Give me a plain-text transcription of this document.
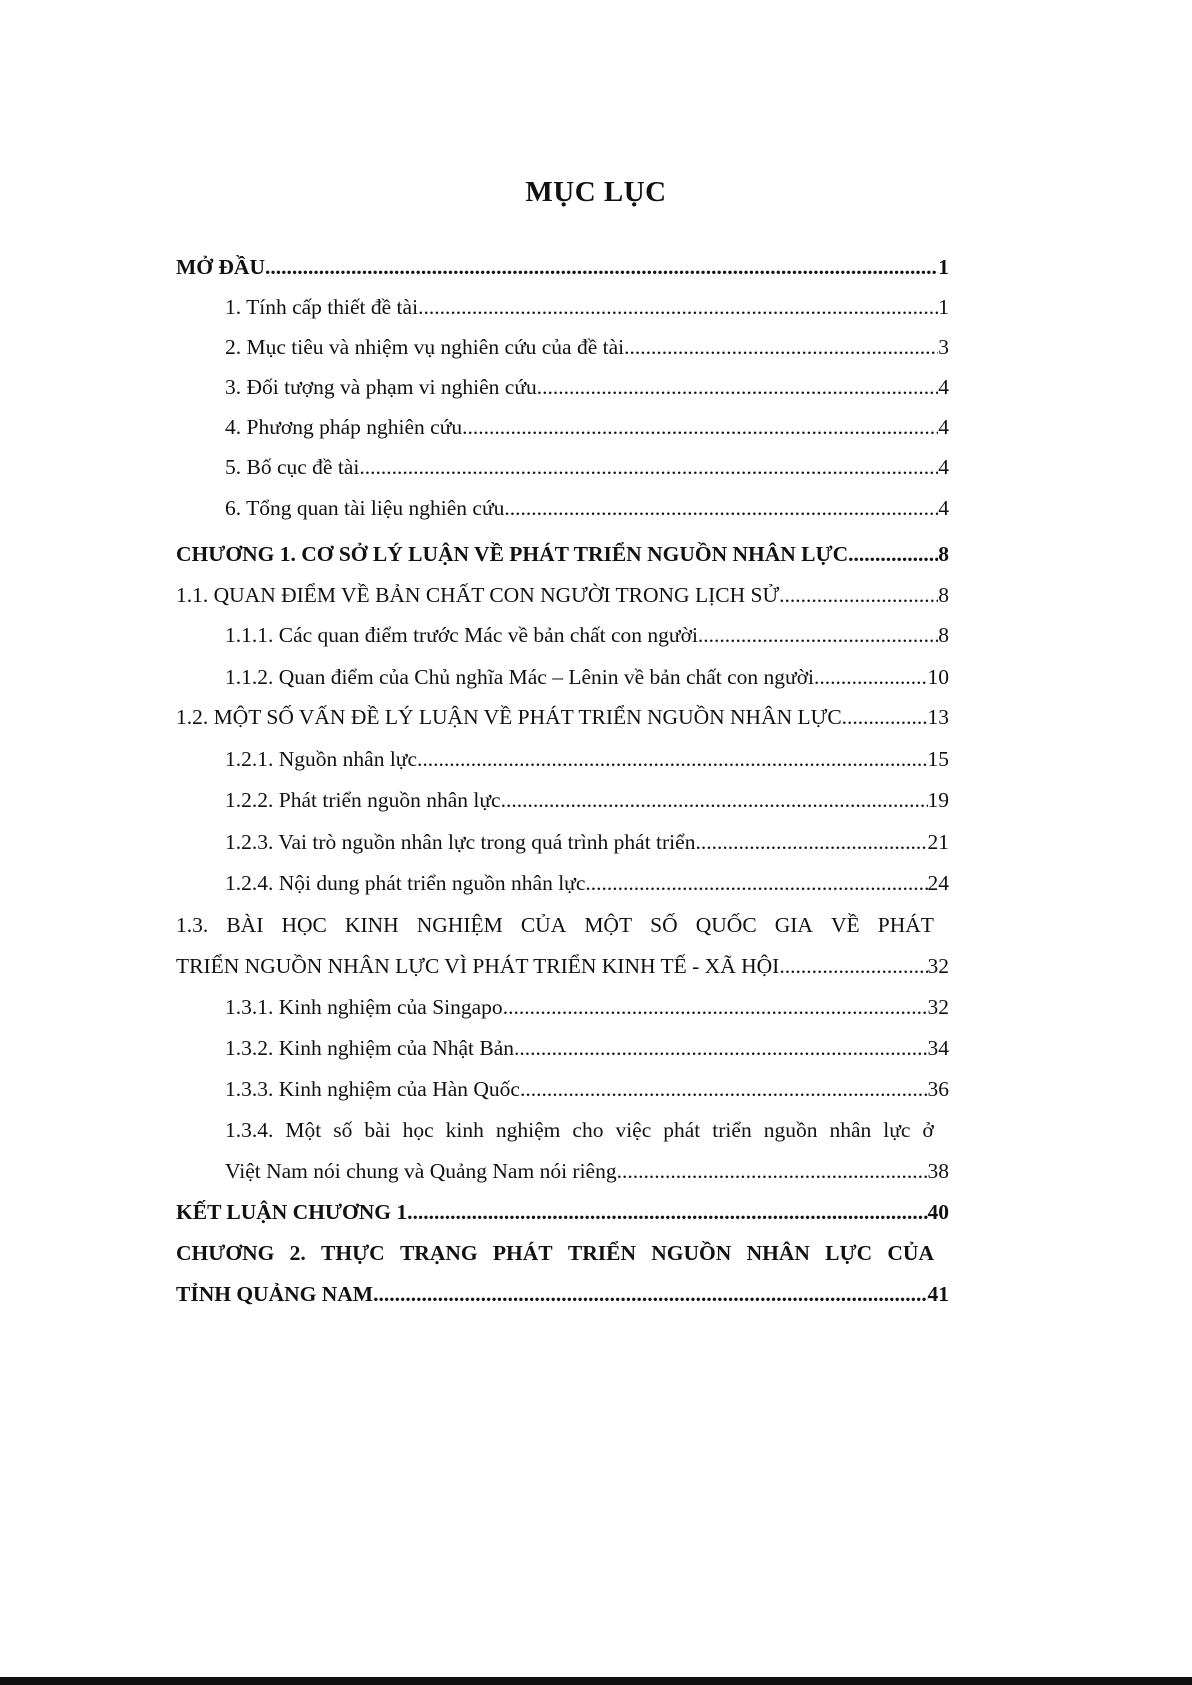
MỤC LỤC
MỞ ĐẦU .....	1
1. Tính cấp thiết đề tài .....	1
2. Mục tiêu và nhiệm vụ nghiên cứu của đề tài .....	3
3. Đối tượng và phạm vi nghiên cứu .....	4
4. Phương pháp nghiên cứu .....	4
5. Bố cục đề tài .....	4
6. Tổng quan tài liệu nghiên cứu .....	4
CHƯƠNG 1. CƠ SỞ LÝ LUẬN VỀ PHÁT TRIỂN NGUỒN NHÂN LỰC .....	8
1.1. QUAN ĐIỂM VỀ BẢN CHẤT CON NGƯỜI TRONG LỊCH SỬ .....	8
1.1.1. Các quan điểm trước Mác về bản chất con người .....	8
1.1.2. Quan điểm của Chủ nghĩa Mác – Lênin về bản chất con người .....	10
1.2. MỘT SỐ VẤN ĐỀ LÝ LUẬN VỀ PHÁT TRIỂN NGUỒN NHÂN LỰC .....	13
1.2.1. Nguồn nhân lực .....	15
1.2.2. Phát triển nguồn nhân lực .....	19
1.2.3. Vai trò nguồn nhân lực trong quá trình phát triển .....	21
1.2.4. Nội dung phát triển nguồn nhân lực .....	24
1.3. BÀI HỌC KINH NGHIỆM CỦA MỘT SỐ QUỐC GIA VỀ PHÁT
TRIỂN NGUỒN NHÂN LỰC VÌ PHÁT TRIỂN KINH TẾ - XÃ HỘI .....	32
1.3.1. Kinh nghiệm của Singapo .....	32
1.3.2. Kinh nghiệm của Nhật Bản .....	34
1.3.3. Kinh nghiệm của Hàn Quốc .....	36
1.3.4. Một số bài học kinh nghiệm cho việc phát triển nguồn nhân lực ở
Việt Nam nói chung và Quảng Nam nói riêng .....	38
KẾT LUẬN CHƯƠNG 1 .....	40
CHƯƠNG 2. THỰC TRẠNG PHÁT TRIỂN NGUỒN NHÂN LỰC CỦA
TỈNH QUẢNG NAM .....	41
